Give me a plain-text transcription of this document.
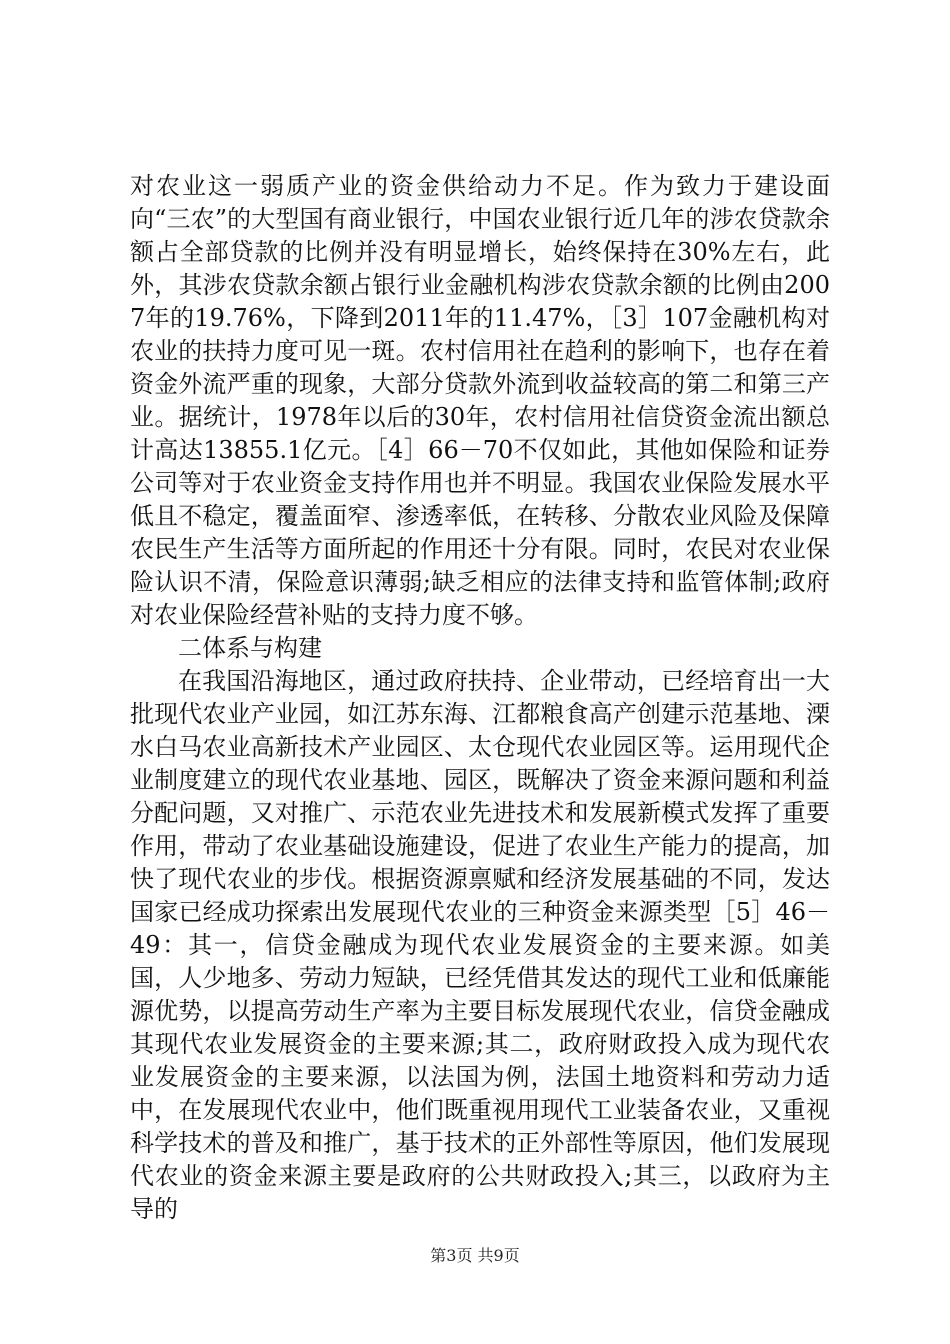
对农业这一弱质产业的资金供给动力不足。作为致力于建设面向“三农”的大型国有商业银行，中国农业银行近几年的涉农贷款余额占全部贷款的比例并没有明显增长，始终保持在30%左右，此外，其涉农贷款余额占银行业金融机构涉农贷款余额的比例由2007年的19.76%，下降到2011年的11.47%，［3］107金融机构对农业的扶持力度可见一斑。农村信用社在趋利的影响下，也存在着资金外流严重的现象，大部分贷款外流到收益较高的第二和第三产业。据统计，1978年以后的30年，农村信用社信贷资金流出额总计高达13855.1亿元。［4］66－70不仅如此，其他如保险和证券公司等对于农业资金支持作用也并不明显。我国农业保险发展水平低且不稳定，覆盖面窄、渗透率低，在转移、分散农业风险及保障农民生产生活等方面所起的作用还十分有限。同时，农民对农业保险认识不清，保险意识薄弱;缺乏相应的法律支持和监管体制;政府对农业保险经营补贴的支持力度不够。

二体系与构建

在我国沿海地区，通过政府扶持、企业带动，已经培育出一大批现代农业产业园，如江苏东海、江都粮食高产创建示范基地、溧水白马农业高新技术产业园区、太仓现代农业园区等。运用现代企业制度建立的现代农业基地、园区，既解决了资金来源问题和利益分配问题，又对推广、示范农业先进技术和发展新模式发挥了重要作用，带动了农业基础设施建设，促进了农业生产能力的提高，加快了现代农业的步伐。根据资源禀赋和经济发展基础的不同，发达国家已经成功探索出发展现代农业的三种资金来源类型［5］46－49：其一，信贷金融成为现代农业发展资金的主要来源。如美国，人少地多、劳动力短缺，已经凭借其发达的现代工业和低廉能源优势，以提高劳动生产率为主要目标发展现代农业，信贷金融成其现代农业发展资金的主要来源;其二，政府财政投入成为现代农业发展资金的主要来源，以法国为例，法国土地资料和劳动力适中，在发展现代农业中，他们既重视用现代工业装备农业，又重视科学技术的普及和推广，基于技术的正外部性等原因，他们发展现代农业的资金来源主要是政府的公共财政投入;其三，以政府为主导的

第3页 共9页
